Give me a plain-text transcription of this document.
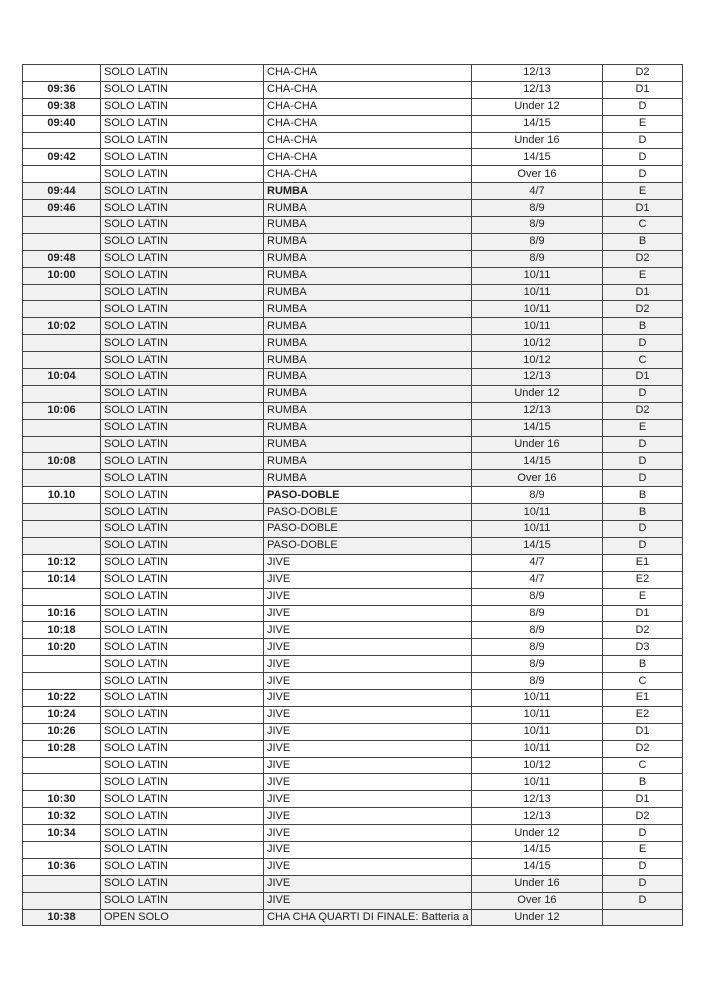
	SOLO LATIN	CHA-CHA	12/13	D2
09:36	SOLO LATIN	CHA-CHA	12/13	D1
09:38	SOLO LATIN	CHA-CHA	Under 12	D
09:40	SOLO LATIN	CHA-CHA	14/15	E
	SOLO LATIN	CHA-CHA	Under 16	D
09:42	SOLO LATIN	CHA-CHA	14/15	D
	SOLO LATIN	CHA-CHA	Over 16	D
09:44	SOLO LATIN	RUMBA	4/7	E
09:46	SOLO LATIN	RUMBA	8/9	D1
	SOLO LATIN	RUMBA	8/9	C
	SOLO LATIN	RUMBA	8/9	B
09:48	SOLO LATIN	RUMBA	8/9	D2
10:00	SOLO LATIN	RUMBA	10/11	E
	SOLO LATIN	RUMBA	10/11	D1
	SOLO LATIN	RUMBA	10/11	D2
10:02	SOLO LATIN	RUMBA	10/11	B
	SOLO LATIN	RUMBA	10/12	D
	SOLO LATIN	RUMBA	10/12	C
10:04	SOLO LATIN	RUMBA	12/13	D1
	SOLO LATIN	RUMBA	Under 12	D
10:06	SOLO LATIN	RUMBA	12/13	D2
	SOLO LATIN	RUMBA	14/15	E
	SOLO LATIN	RUMBA	Under 16	D
10:08	SOLO LATIN	RUMBA	14/15	D
	SOLO LATIN	RUMBA	Over 16	D
10.10	SOLO LATIN	PASO-DOBLE	8/9	B
	SOLO LATIN	PASO-DOBLE	10/11	B
	SOLO LATIN	PASO-DOBLE	10/11	D
	SOLO LATIN	PASO-DOBLE	14/15	D
10:12	SOLO LATIN	JIVE	4/7	E1
10:14	SOLO LATIN	JIVE	4/7	E2
	SOLO LATIN	JIVE	8/9	E
10:16	SOLO LATIN	JIVE	8/9	D1
10:18	SOLO LATIN	JIVE	8/9	D2
10:20	SOLO LATIN	JIVE	8/9	D3
	SOLO LATIN	JIVE	8/9	B
	SOLO LATIN	JIVE	8/9	C
10:22	SOLO LATIN	JIVE	10/11	E1
10:24	SOLO LATIN	JIVE	10/11	E2
10:26	SOLO LATIN	JIVE	10/11	D1
10:28	SOLO LATIN	JIVE	10/11	D2
	SOLO LATIN	JIVE	10/12	C
	SOLO LATIN	JIVE	10/11	B
10:30	SOLO LATIN	JIVE	12/13	D1
10:32	SOLO LATIN	JIVE	12/13	D2
10:34	SOLO LATIN	JIVE	Under 12	D
	SOLO LATIN	JIVE	14/15	E
10:36	SOLO LATIN	JIVE	14/15	D
	SOLO LATIN	JIVE	Under 16	D
	SOLO LATIN	JIVE	Over 16	D
10:38	OPEN SOLO	CHA CHA QUARTI DI FINALE: Batteria a	Under 12	
